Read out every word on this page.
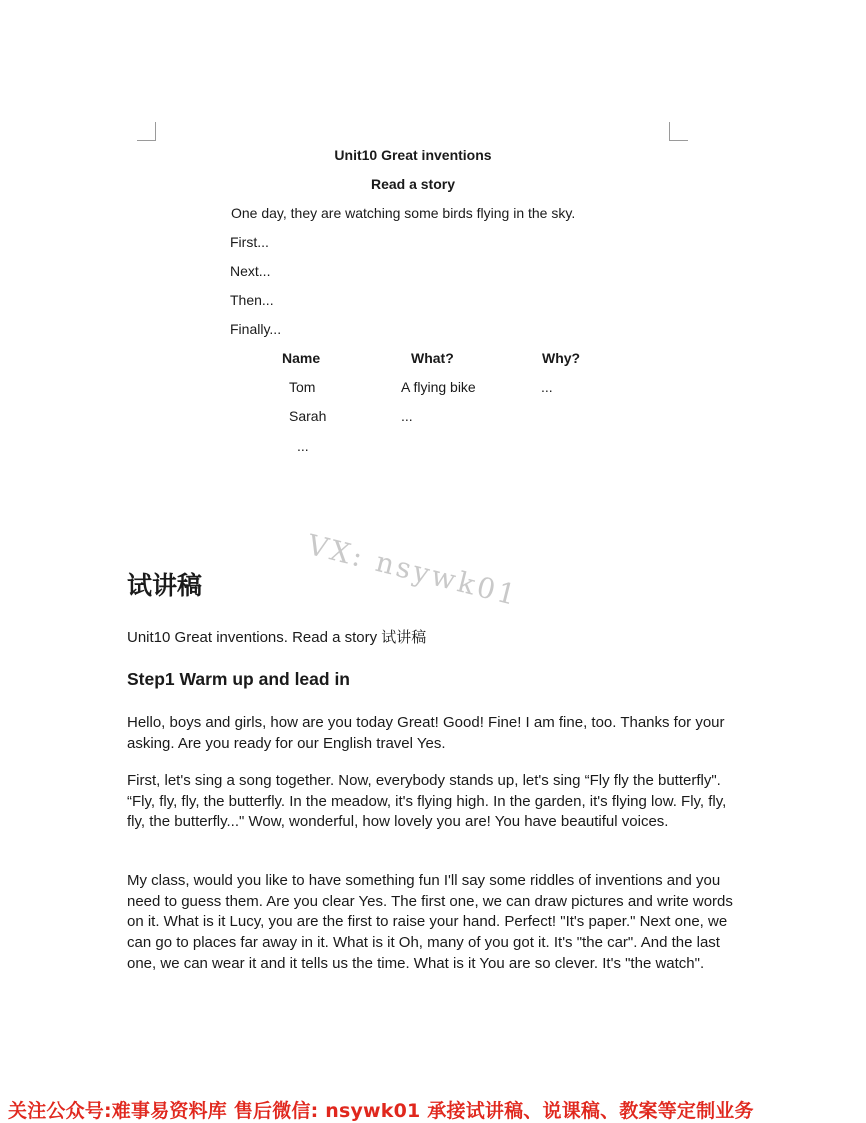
Unit10 Great inventions
Read a story
One day, they are watching some birds flying in the sky.
First...
Next...
Then...
Finally...
Name	What?	Why?
Tom	A flying bike	...
Sarah	...
...
VX: nsywk01
试讲稿
Unit10 Great inventions. Read a story 试讲稿
Step1 Warm up and lead in

Hello, boys and girls, how are you today Great! Good! Fine! I am fine, too. Thanks for your asking. Are you ready for our English travel Yes.

First, let's sing a song together. Now, everybody stands up, let's sing “Fly fly the butterfly". “Fly, fly, fly, the butterfly. In the meadow, it's flying high. In the garden, it's flying low. Fly, fly, fly, the butterfly..." Wow, wonderful, how lovely you are! You have beautiful voices.

My class, would you like to have something fun I'll say some riddles of inventions and you need to guess them. Are you clear Yes. The first one, we can draw pictures and write words on it. What is it Lucy, you are the first to raise your hand. Perfect! "It's paper." Next one, we can go to places far away in it. What is it Oh, many of you got it. It's "the car". And the last one, we can wear it and it tells us the time. What is it You are so clever. It's "the watch".

关注公众号:难事易资料库 售后微信: nsywk01 承接试讲稿、说课稿、教案等定制业务
